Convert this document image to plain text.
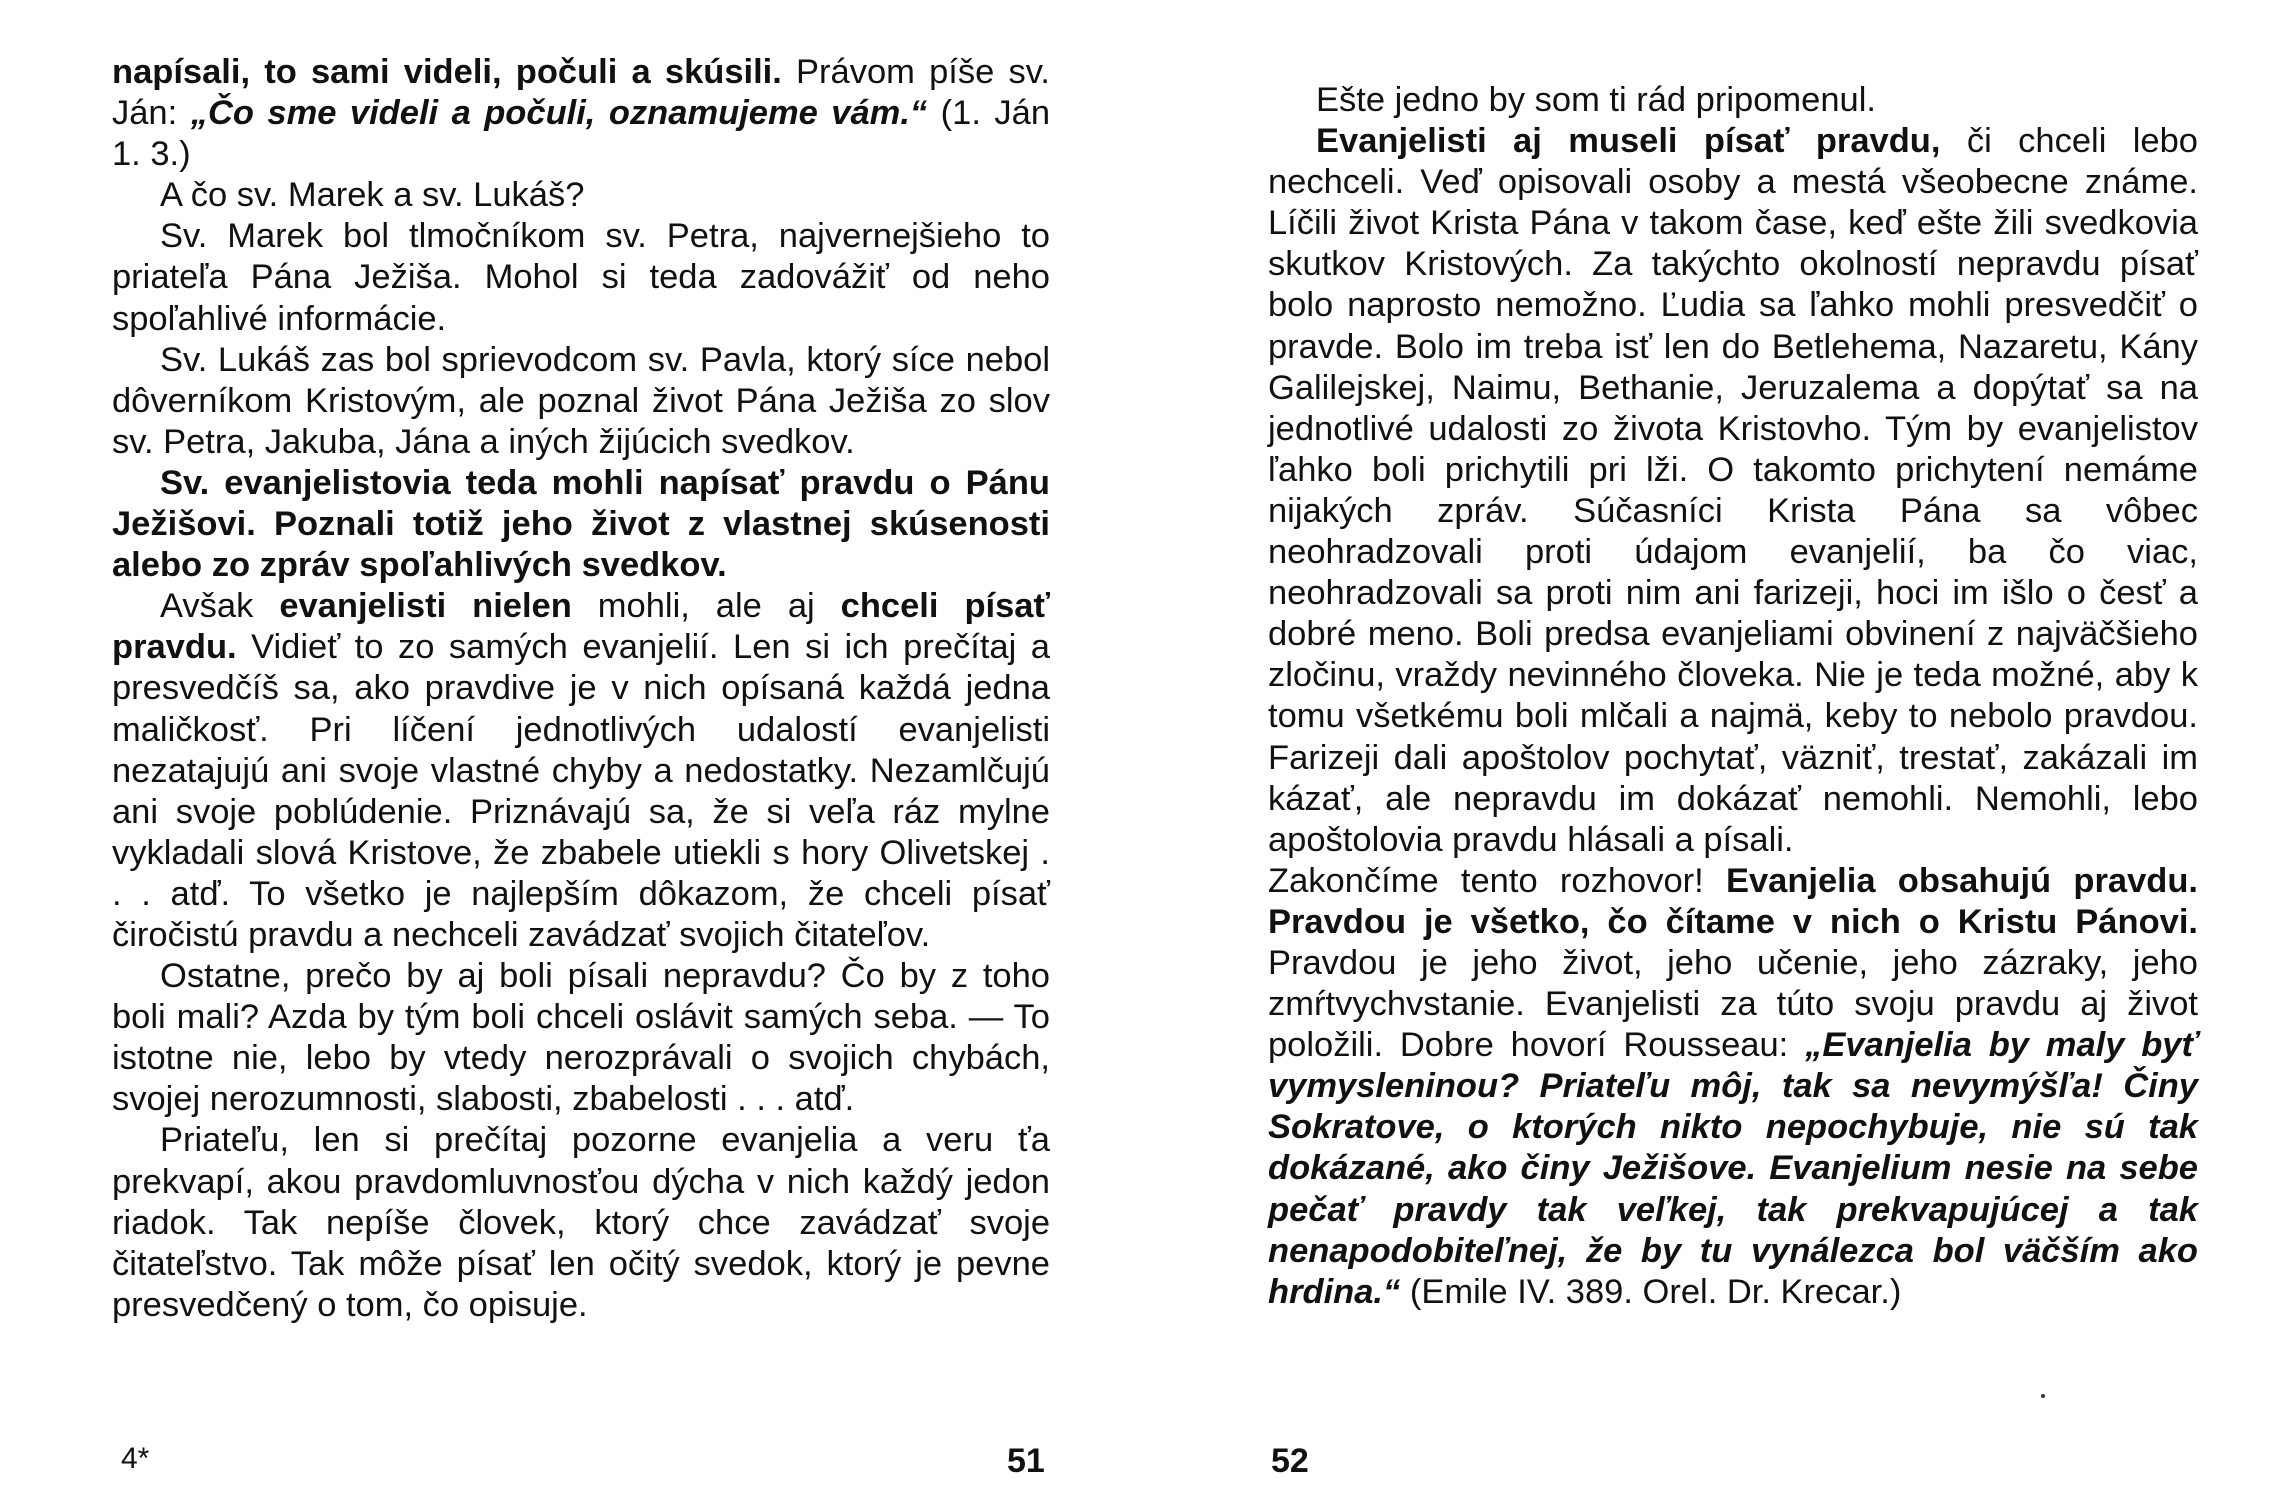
napísali, to sami videli, počuli a skúsili. Právom píše sv. Ján: „Čo sme videli a počuli, oznamujeme vám.“ (1. Ján 1. 3.)

A čo sv. Marek a sv. Lukáš?

Sv. Marek bol tlmočníkom sv. Petra, najvernejšieho to priateľa Pána Ježiša. Mohol si teda zadovážiť od neho spoľahlivé informácie.

Sv. Lukáš zas bol sprievodcom sv. Pavla, ktorý síce nebol dôverníkom Kristovým, ale poznal život Pána Ježiša zo slov sv. Petra, Jakuba, Jána a iných žijúcich svedkov.

Sv. evanjelistovia teda mohli napísať pravdu o Pánu Ježišovi. Poznali totiž jeho život z vlastnej skúsenosti alebo zo zpráv spoľahlivých svedkov.

Avšak evanjelisti nielen mohli, ale aj chceli písať pravdu. Vidieť to zo samých evanjelií. Len si ich prečítaj a presvedčíš sa, ako pravdive je v nich opísaná každá jedna maličkosť. Pri líčení jednotlivých udalostí evanjelisti nezatajujú ani svoje vlastné chyby a nedostatky. Nezamlčujú ani svoje poblúdenie. Priznávajú sa, že si veľa ráz mylne vykladali slová Kristove, že zbabele utiekli s hory Olivetskej . . . atď. To všetko je najlepším dôkazom, že chceli písať čiročistú pravdu a nechceli zavádzať svojich čitateľov.

Ostatne, prečo by aj boli písali nepravdu? Čo by z toho boli mali? Azda by tým boli chceli oslávit samých seba. — To istotne nie, lebo by vtedy nerozprávali o svojich chybách, svojej nerozumnosti, slabosti, zbabelosti . . . atď.

Priateľu, len si prečítaj pozorne evanjelia a veru ťa prekvapí, akou pravdomluvnosťou dýcha v nich každý jedon riadok. Tak nepíše človek, ktorý chce zavádzať svoje čitateľstvo. Tak môže písať len očitý svedok, ktorý je pevne presvedčený o tom, čo opisuje.

4*	51

Ešte jedno by som ti rád pripomenul.

Evanjelisti aj museli písať pravdu, či chceli lebo nechceli. Veď opisovali osoby a mestá všeobecne známe. Líčili život Krista Pána v takom čase, keď ešte žili svedkovia skutkov Kristových. Za takýchto okolností nepravdu písať bolo naprosto nemožno. Ľudia sa ľahko mohli presvedčiť o pravde. Bolo im treba isť len do Betlehema, Nazaretu, Kány Galilejskej, Naimu, Bethanie, Jeruzalema a dopýtať sa na jednotlivé udalosti zo života Kristovho. Tým by evanjelistov ľahko boli prichytili pri lži. O takomto prichytení nemáme nijakých zpráv. Súčasníci Krista Pána sa vôbec neohradzovali proti údajom evanjelií, ba čo viac, neohradzovali sa proti nim ani farizeji, hoci im išlo o česť a dobré meno. Boli predsa evanjeliami obvinení z najväčšieho zločinu, vraždy nevinného človeka. Nie je teda možné, aby k tomu všetkému boli mlčali a najmä, keby to nebolo pravdou. Farizeji dali apoštolov pochytať, väzniť, trestať, zakázali im kázať, ale nepravdu im dokázať nemohli. Nemohli, lebo apoštolovia pravdu hlásali a písali.

Zakončíme tento rozhovor! Evanjelia obsahujú pravdu. Pravdou je všetko, čo čítame v nich o Kristu Pánovi. Pravdou je jeho život, jeho učenie, jeho zázraky, jeho zmŕtvychvstanie. Evanjelisti za túto svoju pravdu aj život položili. Dobre hovorí Rousseau: „Evanjelia by maly byť vymysleninou? Priateľu môj, tak sa nevymýšľa! Činy Sokratove, o ktorých nikto nepochybuje, nie sú tak dokázané, ako činy Ježišove. Evanjelium nesie na sebe pečať pravdy tak veľkej, tak prekvapujúcej a tak nenapodobiteľnej, že by tu vynálezca bol väčším ako hrdina.“ (Emile IV. 389. Orel. Dr. Krecar.)

52
